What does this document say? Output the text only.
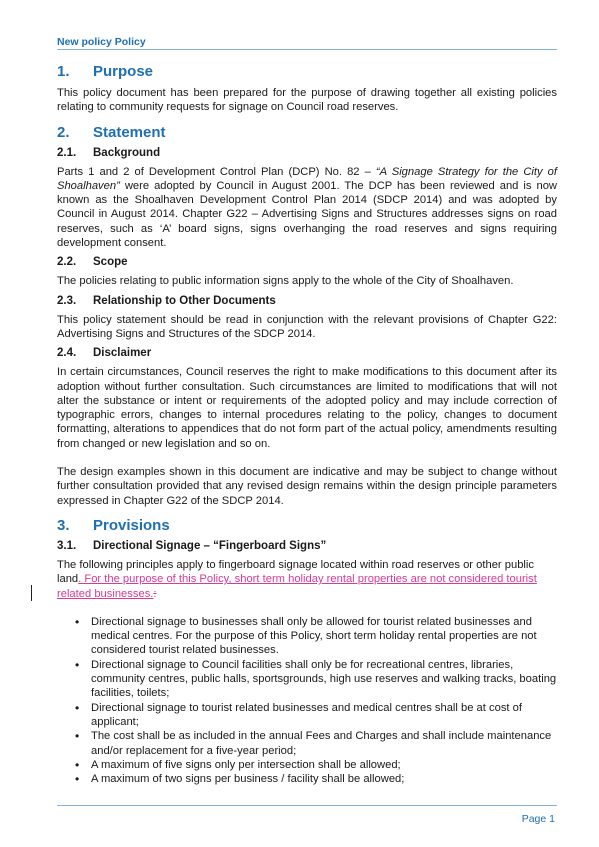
New policy Policy
1.	Purpose

This policy document has been prepared for the purpose of drawing together all existing policies relating to community requests for signage on Council road reserves.

2.	Statement
2.1.	Background

Parts 1 and 2 of Development Control Plan (DCP) No. 82 – “A Signage Strategy for the City of Shoalhaven” were adopted by Council in August 2001. The DCP has been reviewed and is now known as the Shoalhaven Development Control Plan 2014 (SDCP 2014) and was adopted by Council in August 2014. Chapter G22 – Advertising Signs and Structures addresses signs on road reserves, such as ‘A’ board signs, signs overhanging the road reserves and signs requiring development consent.

2.2.	Scope

The policies relating to public information signs apply to the whole of the City of Shoalhaven.

2.3.	Relationship to Other Documents

This policy statement should be read in conjunction with the relevant provisions of Chapter G22: Advertising Signs and Structures of the SDCP 2014.

2.4.	Disclaimer

In certain circumstances, Council reserves the right to make modifications to this document after its adoption without further consultation. Such circumstances are limited to modifications that will not alter the substance or intent or requirements of the adopted policy and may include correction of typographic errors, changes to internal procedures relating to the policy, changes to document formatting, alterations to appendices that do not form part of the actual policy, amendments resulting from changed or new legislation and so on.

The design examples shown in this document are indicative and may be subject to change without further consultation provided that any revised design remains within the design principle parameters expressed in Chapter G22 of the SDCP 2014.

3.	Provisions
3.1.	Directional Signage – “Fingerboard Signs”

The following principles apply to fingerboard signage located within road reserves or other public land. For the purpose of this Policy, short term holiday rental properties are not considered tourist related businesses.:

• Directional signage to businesses shall only be allowed for tourist related businesses and medical centres. For the purpose of this Policy, short term holiday rental properties are not considered tourist related businesses.
• Directional signage to Council facilities shall only be for recreational centres, libraries, community centres, public halls, sportsgrounds, high use reserves and walking tracks, boating facilities, toilets;
• Directional signage to tourist related businesses and medical centres shall be at cost of applicant;
• The cost shall be as included in the annual Fees and Charges and shall include maintenance and/or replacement for a five-year period;
• A maximum of five signs only per intersection shall be allowed;
• A maximum of two signs per business / facility shall be allowed;
Page 1
